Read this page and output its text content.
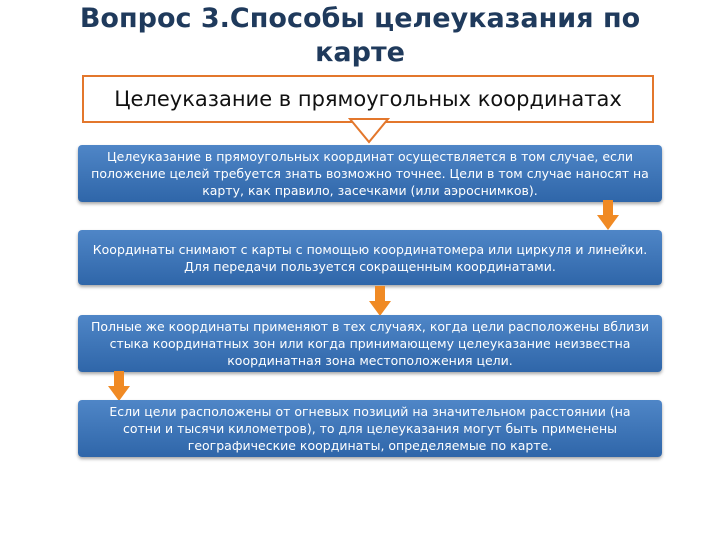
Вопрос 3.Способы целеуказания по карте
Целеуказание в прямоугольных координатах
Целеуказание в прямоугольных координат осуществляется в том случае, если положение целей требуется знать возможно точнее. Цели в том случае наносят на карту, как правило, засечками (или аэроснимков).
Координаты снимают с карты с помощью координатомера или циркуля и линейки. Для передачи пользуется сокращенным координатами.
Полные же координаты применяют в тех случаях, когда цели расположены вблизи стыка координатных зон или когда принимающему целеуказание неизвестна координатная зона местоположения цели.
Если цели расположены от огневых позиций на значительном расстоянии (на сотни и тысячи километров), то для целеуказания могут быть применены географические координаты, определяемые по карте.
